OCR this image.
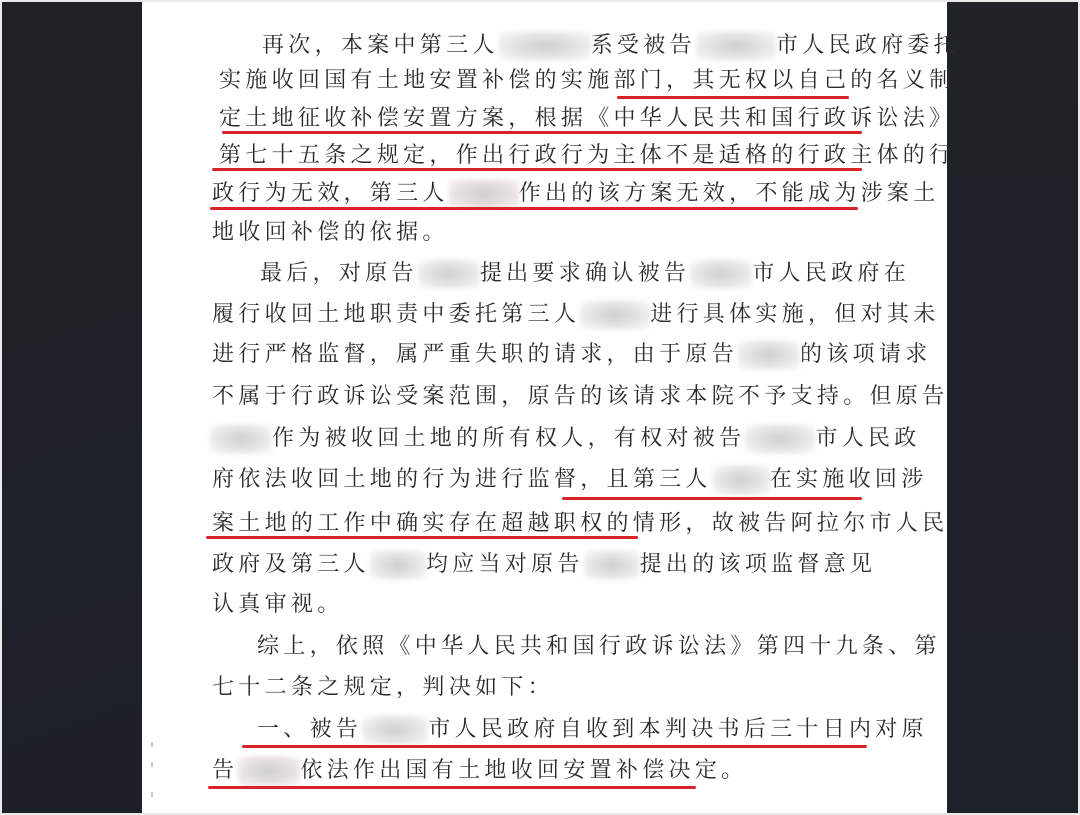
再次，本案中第三人	系受被告	市人民政府委托
实施收回国有土地安置补偿的实施部门，其无权以自己的名义制
定土地征收补偿安置方案，根据《中华人民共和国行政诉讼法》
第七十五条之规定，作出行政行为主体不是适格的行政主体的行
政行为无效，第三人	作出的该方案无效，不能成为涉案土
地收回补偿的依据。
最后，对原告	提出要求确认被告	市人民政府在
履行收回土地职责中委托第三人	进行具体实施，但对其未
进行严格监督，属严重失职的请求，由于原告	的该项请求
不属于行政诉讼受案范围，原告的该请求本院不予支持。但原告
作为被收回土地的所有权人，有权对被告	市人民政
府依法收回土地的行为进行监督，且第三人	在实施收回涉
案土地的工作中确实存在超越职权的情形，故被告阿拉尔市人民
政府及第三人	均应当对原告	提出的该项监督意见
认真审视。
综上，依照《中华人民共和国行政诉讼法》第四十九条、第
七十二条之规定，判决如下：
一、被告	市人民政府自收到本判决书后三十日内对原
告	依法作出国有土地收回安置补偿决定。
